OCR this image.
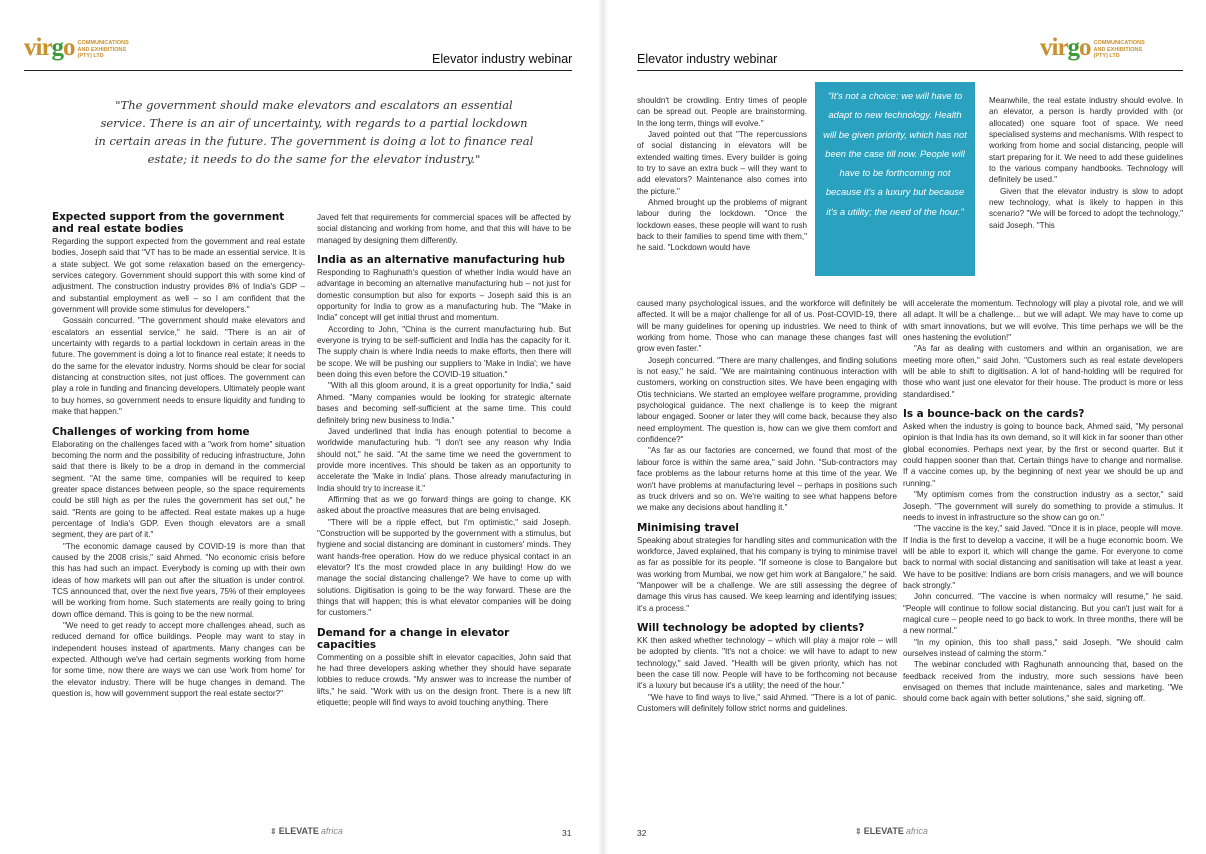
virgo COMMUNICATIONS AND EXHIBITIONS (PTY) LTD	Elevator industry webinar
"The government should make elevators and escalators an essential service. There is an air of uncertainty, with regards to a partial lockdown in certain areas in the future. The government is doing a lot to finance real estate; it needs to do the same for the elevator industry."
Expected support from the government and real estate bodies

Regarding the support expected from the government and real estate bodies, Joseph said that "VT has to be made an essential service. It is a state subject. We got some relaxation based on the emergency-services category. Government should support this with some kind of adjustment. The construction industry provides 8% of India's GDP – and substantial employment as well – so I am confident that the government will provide some stimulus for developers."

Gossain concurred. "The government should make elevators and escalators an essential service," he said. "There is an air of uncertainty with regards to a partial lockdown in certain areas in the future. The government is doing a lot to finance real estate; it needs to do the same for the elevator industry. Norms should be clear for social distancing at construction sites, not just offices. The government can play a role in funding and financing developers. Ultimately people want to buy homes, so government needs to ensure liquidity and funding to make that happen."

Challenges of working from home

Elaborating on the challenges faced with a "work from home" situation becoming the norm and the possibility of reducing infrastructure, John said that there is likely to be a drop in demand in the commercial segment. "At the same time, companies will be required to keep greater space distances between people, so the space requirements could be still high as per the rules the government has set out," he said. "Rents are going to be affected. Real estate makes up a huge percentage of India's GDP. Even though elevators are a small segment, they are part of it."

"The economic damage caused by COVID-19 is more than that caused by the 2008 crisis," said Ahmed. "No economic crisis before this has had such an impact. Everybody is coming up with their own ideas of how markets will pan out after the situation is under control. TCS announced that, over the next five years, 75% of their employees will be working from home. Such statements are really going to bring down office demand. This is going to be the new normal.

"We need to get ready to accept more challenges ahead, such as reduced demand for office buildings. People may want to stay in independent houses instead of apartments. Many changes can be expected. Although we've had certain segments working from home for some time, now there are ways we can use 'work from home' for the elevator industry. There will be huge changes in demand. The question is, how will government support the real estate sector?"

Javed felt that requirements for commercial spaces will be affected by social distancing and working from home, and that this will have to be managed by designing them differently.

India as an alternative manufacturing hub

Responding to Raghunath's question of whether India would have an advantage in becoming an alternative manufacturing hub – not just for domestic consumption but also for exports – Joseph said this is an opportunity for India to grow as a manufacturing hub. The "Make in India" concept will get initial thrust and momentum.

According to John, "China is the current manufacturing hub. But everyone is trying to be self-sufficient and India has the capacity for it. The supply chain is where India needs to make efforts, then there will be scope. We will be pushing our suppliers to 'Make in India'; we have been doing this even before the COVID-19 situation."

"With all this gloom around, it is a great opportunity for India," said Ahmed. "Many companies would be looking for strategic alternate bases and becoming self-sufficient at the same time. This could definitely bring new business to India."

Javed underlined that India has enough potential to become a worldwide manufacturing hub. "I don't see any reason why India should not," he said. "At the same time we need the government to provide more incentives. This should be taken as an opportunity to accelerate the 'Make in India' plans. Those already manufacturing in India should try to increase it."

Affirming that as we go forward things are going to change, KK asked about the proactive measures that are being envisaged.

"There will be a ripple effect, but I'm optimistic," said Joseph. "Construction will be supported by the government with a stimulus, but hygiene and social distancing are dominant in customers' minds. They want hands-free operation. How do we reduce physical contact in an elevator? It's the most crowded place in any building! How do we manage the social distancing challenge? We have to come up with solutions. Digitisation is going to be the way forward. These are the things that will happen; this is what elevator companies will be doing for customers."

Demand for a change in elevator capacities

Commenting on a possible shift in elevator capacities, John said that he had three developers asking whether they should have separate lobbies to reduce crowds. "My answer was to increase the number of lifts," he said. "Work with us on the design front. There is a new lift etiquette; people will find ways to avoid touching anything. There

⇕ ELEVATE africa	31
Elevator industry webinar	virgo COMMUNICATIONS AND EXHIBITIONS (PTY) LTD
"It's not a choice: we will have to adapt to new technology. Health will be given priority, which has not been the case till now. People will have to be forthcoming not because it's a luxury but because it's a utility; the need of the hour."

shouldn't be crowding. Entry times of people can be spread out. People are brainstorming. In the long term, things will evolve."

Javed pointed out that "The repercussions of social distancing in elevators will be extended waiting times. Every builder is going to try to save an extra buck – will they want to add elevators? Maintenance also comes into the picture."

Ahmed brought up the problems of migrant labour during the lockdown. "Once the lockdown eases, these people will want to rush back to their families to spend time with them," he said. "Lockdown would have

Meanwhile, the real estate industry should evolve. In an elevator, a person is hardly provided with (or allocated) one square foot of space. We need specialised systems and mechanisms. With respect to working from home and social distancing, people will start preparing for it. We need to add these guidelines to the various company handbooks. Technology will definitely be used."

Given that the elevator industry is slow to adopt new technology, what is likely to happen in this scenario? "We will be forced to adopt the technology," said Joseph. "This

caused many psychological issues, and the workforce will definitely be affected. It will be a major challenge for all of us. Post-COVID-19, there will be many guidelines for opening up industries. We need to think of working from home. Those who can manage these changes fast will grow even faster."

Joseph concurred. "There are many challenges, and finding solutions is not easy," he said. "We are maintaining continuous interaction with customers, working on construction sites. We have been engaging with Otis technicians. We started an employee welfare programme, providing psychological guidance. The next challenge is to keep the migrant labour engaged. Sooner or later they will come back, because they also need employment. The question is, how can we give them comfort and confidence?"

"As far as our factories are concerned, we found that most of the labour force is within the same area," said John. "Sub-contractors may face problems as the labour returns home at this time of the year. We won't have problems at manufacturing level – perhaps in positions such as truck drivers and so on. We're waiting to see what happens before we make any decisions about handling it."

Minimising travel

Speaking about strategies for handling sites and communication with the workforce, Javed explained, that his company is trying to minimise travel as far as possible for its people. "If someone is close to Bangalore but was working from Mumbai, we now get him work at Bangalore," he said. "Manpower will be a challenge. We are still assessing the degree of damage this virus has caused. We keep learning and identifying issues; it's a process."

Will technology be adopted by clients?

KK then asked whether technology – which will play a major role – will be adopted by clients. "It's not a choice: we will have to adapt to new technology," said Javed. "Health will be given priority, which has not been the case till now. People will have to be forthcoming not because it's a luxury but because it's a utility; the need of the hour."

"We have to find ways to live," said Ahmed. "There is a lot of panic. Customers will definitely follow strict norms and guidelines.

will accelerate the momentum. Technology will play a pivotal role, and we will all adapt. It will be a challenge… but we will adapt. We may have to come up with smart innovations, but we will evolve. This time perhaps we will be the ones hastening the evolution!"

"As far as dealing with customers and within an organisation, we are meeting more often," said John. "Customers such as real estate developers will be able to shift to digitisation. A lot of hand-holding will be required for those who want just one elevator for their house. The product is more or less standardised."

Is a bounce-back on the cards?

Asked when the industry is going to bounce back, Ahmed said, "My personal opinion is that India has its own demand, so it will kick in far sooner than other global economies. Perhaps next year, by the first or second quarter. But it could happen sooner than that. Certain things have to change and normalise. If a vaccine comes up, by the beginning of next year we should be up and running."

"My optimism comes from the construction industry as a sector," said Joseph. "The government will surely do something to provide a stimulus. It needs to invest in infrastructure so the show can go on."

"The vaccine is the key," said Javed. "Once it is in place, people will move. If India is the first to develop a vaccine, it will be a huge economic boom. We will be able to export it, which will change the game. For everyone to come back to normal with social distancing and sanitisation will take at least a year. We have to be positive: Indians are born crisis managers, and we will bounce back strongly."

John concurred. "The vaccine is when normalcy will resume," he said. "People will continue to follow social distancing. But you can't just wait for a magical cure – people need to go back to work. In three months, there will be a new normal."

"In my opinion, this too shall pass," said Joseph. "We should calm ourselves instead of calming the storm."

The webinar concluded with Raghunath announcing that, based on the feedback received from the industry, more such sessions have been envisaged on themes that include maintenance, sales and marketing. "We should come back again with better solutions," she said, signing off.

32	⇕ ELEVATE africa
